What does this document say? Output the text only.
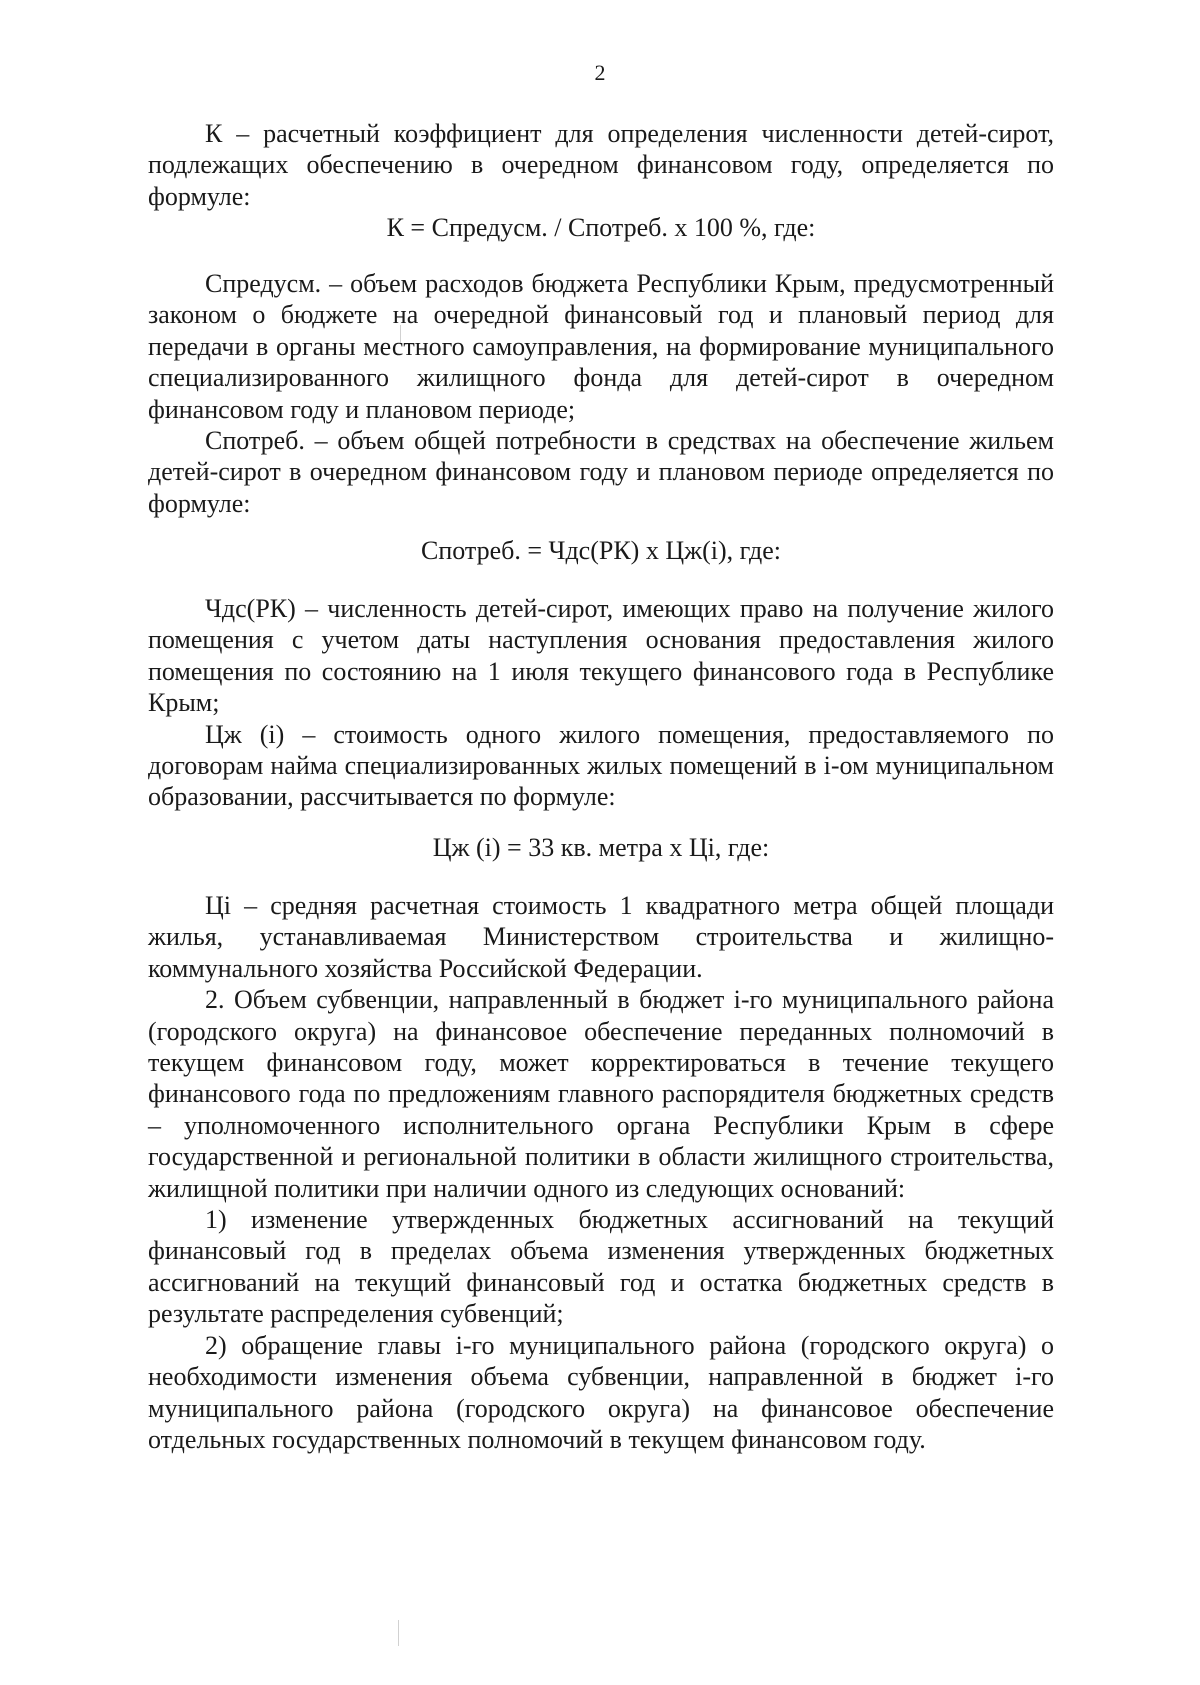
2

К – расчетный коэффициент для определения численности детей-сирот, подлежащих обеспечению в очередном финансовом году, определяется по формуле:

К = Спредусм. / Спотреб. х 100 %, где:

Спредусм. – объем расходов бюджета Республики Крым, предусмотренный законом о бюджете на очередной финансовый год и плановый период для передачи в органы местного самоуправления, на формирование муниципального специализированного жилищного фонда для детей-сирот в очередном финансовом году и плановом периоде;

Спотреб. – объем общей потребности в средствах на обеспечение жильем детей-сирот в очередном финансовом году и плановом периоде определяется по формуле:

Спотреб. = Чдс(РК) х Цж(i), где:

Чдс(РК) – численность детей-сирот, имеющих право на получение жилого помещения с учетом даты наступления основания предоставления жилого помещения по состоянию на 1 июля текущего финансового года в Республике Крым;

Цж (i) – стоимость одного жилого помещения, предоставляемого по договорам найма специализированных жилых помещений в i-ом муниципальном образовании, рассчитывается по формуле:

Цж (i) = 33 кв. метра х Цi, где:

Цi – средняя расчетная стоимость 1 квадратного метра общей площади жилья, устанавливаемая Министерством строительства и жилищно-коммунального хозяйства Российской Федерации.

2. Объем субвенции, направленный в бюджет i-го муниципального района (городского округа) на финансовое обеспечение переданных полномочий в текущем финансовом году, может корректироваться в течение текущего финансового года по предложениям главного распорядителя бюджетных средств – уполномоченного исполнительного органа Республики Крым в сфере государственной и региональной политики в области жилищного строительства, жилищной политики при наличии одного из следующих оснований:

1) изменение утвержденных бюджетных ассигнований на текущий финансовый год в пределах объема изменения утвержденных бюджетных ассигнований на текущий финансовый год и остатка бюджетных средств в результате распределения субвенций;

2) обращение главы i-го муниципального района (городского округа) о необходимости изменения объема субвенции, направленной в бюджет i-го муниципального района (городского округа) на финансовое обеспечение отдельных государственных полномочий в текущем финансовом году.
